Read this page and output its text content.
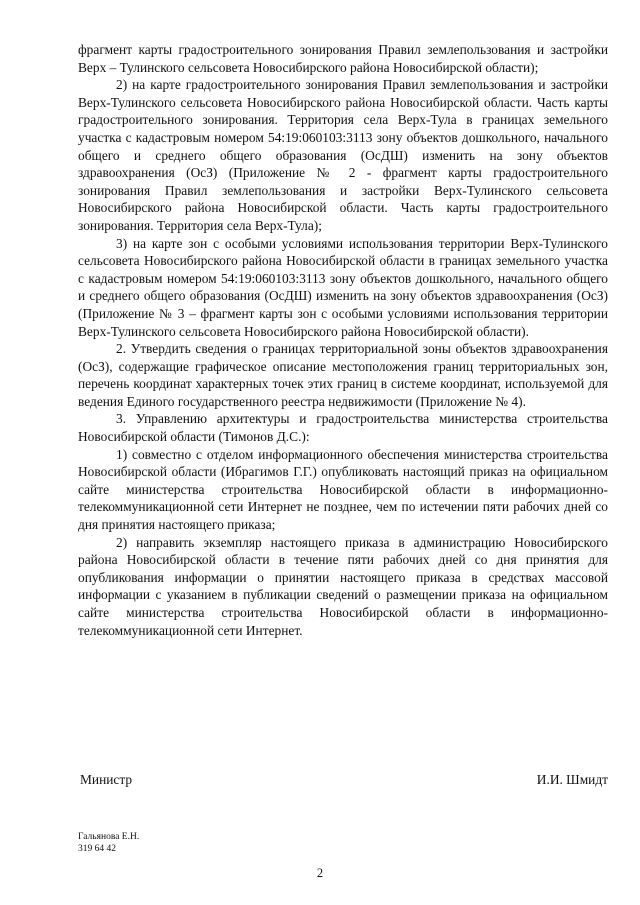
фрагмент карты градостроительного зонирования Правил землепользования и застройки Верх – Тулинского сельсовета Новосибирского района Новосибирской области);

2) на карте градостроительного зонирования Правил землепользования и застройки Верх-Тулинского сельсовета Новосибирского района Новосибирской области. Часть карты градостроительного зонирования. Территория села Верх-Тула в границах земельного участка с кадастровым номером 54:19:060103:3113 зону объектов дошкольного, начального общего и среднего общего образования (ОсДШ) изменить на зону объектов здравоохранения (ОсЗ) (Приложение № 2 - фрагмент карты градостроительного зонирования Правил землепользования и застройки Верх-Тулинского сельсовета Новосибирского района Новосибирской области. Часть карты градостроительного зонирования. Территория села Верх-Тула);

3) на карте зон с особыми условиями использования территории Верх-Тулинского сельсовета Новосибирского района Новосибирской области в границах земельного участка с кадастровым номером 54:19:060103:3113 зону объектов дошкольного, начального общего и среднего общего образования (ОсДШ) изменить на зону объектов здравоохранения (ОсЗ) (Приложение № 3 – фрагмент карты зон с особыми условиями использования территории Верх-Тулинского сельсовета Новосибирского района Новосибирской области).

2. Утвердить сведения о границах территориальной зоны объектов здравоохранения (ОсЗ), содержащие графическое описание местоположения границ территориальных зон, перечень координат характерных точек этих границ в системе координат, используемой для ведения Единого государственного реестра недвижимости (Приложение № 4).

3. Управлению архитектуры и градостроительства министерства строительства Новосибирской области (Тимонов Д.С.):

1) совместно с отделом информационного обеспечения министерства строительства Новосибирской области (Ибрагимов Г.Г.) опубликовать настоящий приказ на официальном сайте министерства строительства Новосибирской области в информационно-телекоммуникационной сети Интернет не позднее, чем по истечении пяти рабочих дней со дня принятия настоящего приказа;

2) направить экземпляр настоящего приказа в администрацию Новосибирского района Новосибирской области в течение пяти рабочих дней со дня принятия для опубликования информации о принятии настоящего приказа в средствах массовой информации с указанием в публикации сведений о размещении приказа на официальном сайте министерства строительства Новосибирской области в информационно-телекоммуникационной сети Интернет.

Министр	И.И. Шмидт
Гальянова Е.Н.
319 64 42
2
